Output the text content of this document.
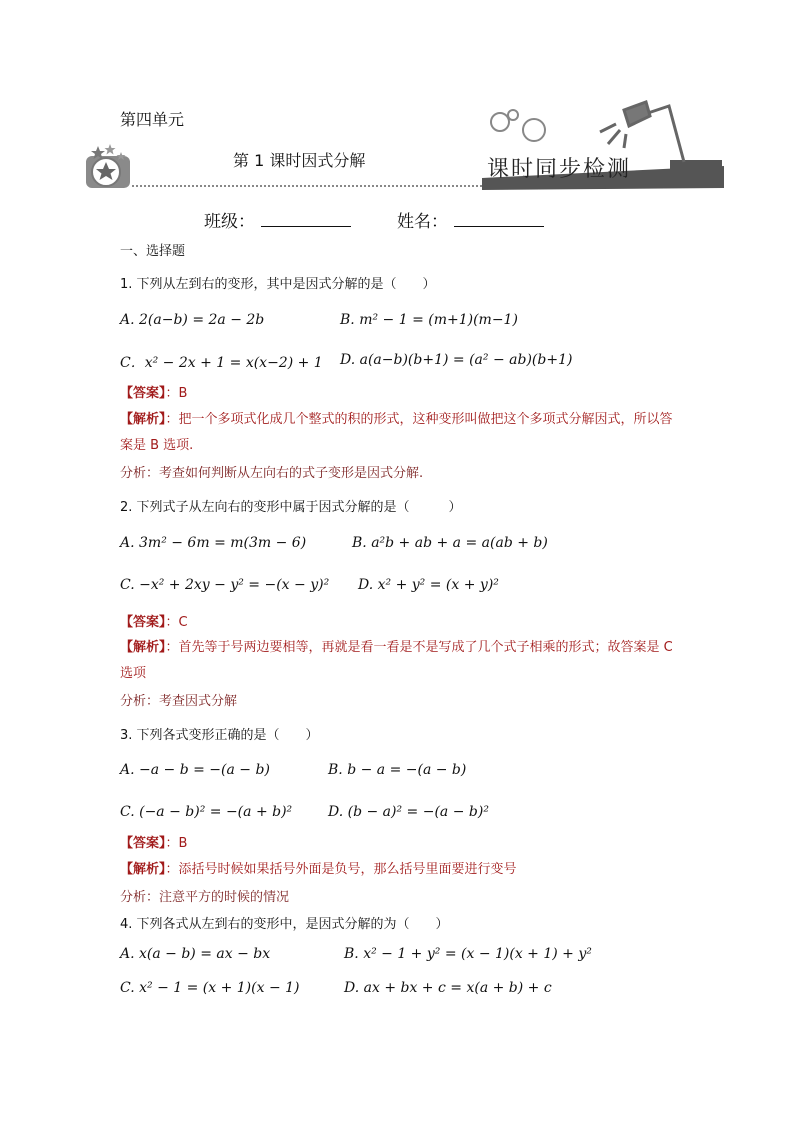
第四单元
第 1 课时因式分解	课时同步检测
班级：	姓名：
一、选择题
1. 下列从左到右的变形，其中是因式分解的是（　　）
A. 2(a−b) = 2a − 2b	B. m² − 1 = (m+1)(m−1)
C．x² − 2x + 1 = x(x−2) + 1 D. a(a−b)(b+1) = (a² − ab)(b+1)
【答案】：B
【解析】：把一个多项式化成几个整式的积的形式，这种变形叫做把这个多项式分解因式，所以答案是 B 选项.
分析：考查如何判断从左向右的式子变形是因式分解.
2. 下列式子从左向右的变形中属于因式分解的是（　　　）
A. 3m² − 6m = m(3m − 6)	B. a²b + ab + a = a(ab + b)
C. −x² + 2xy − y² = −(x − y)² D. x² + y² = (x + y)²
【答案】：C
【解析】：首先等于号两边要相等，再就是看一看是不是写成了几个式子相乘的形式；故答案是 C 选项
分析：考查因式分解
3. 下列各式变形正确的是（　　）
A. −a − b = −(a − b)	B. b − a = −(a − b)
C. (−a − b)² = −(a + b)²	D. (b − a)² = −(a − b)²
【答案】：B
【解析】：添括号时候如果括号外面是负号，那么括号里面要进行变号
分析：注意平方的时候的情况
4. 下列各式从左到右的变形中，是因式分解的为（　　）
A. x(a − b) = ax − bx	B. x² − 1 + y² = (x − 1)(x + 1) + y²
C. x² − 1 = (x + 1)(x − 1)	D. ax + bx + c = x(a + b) + c
